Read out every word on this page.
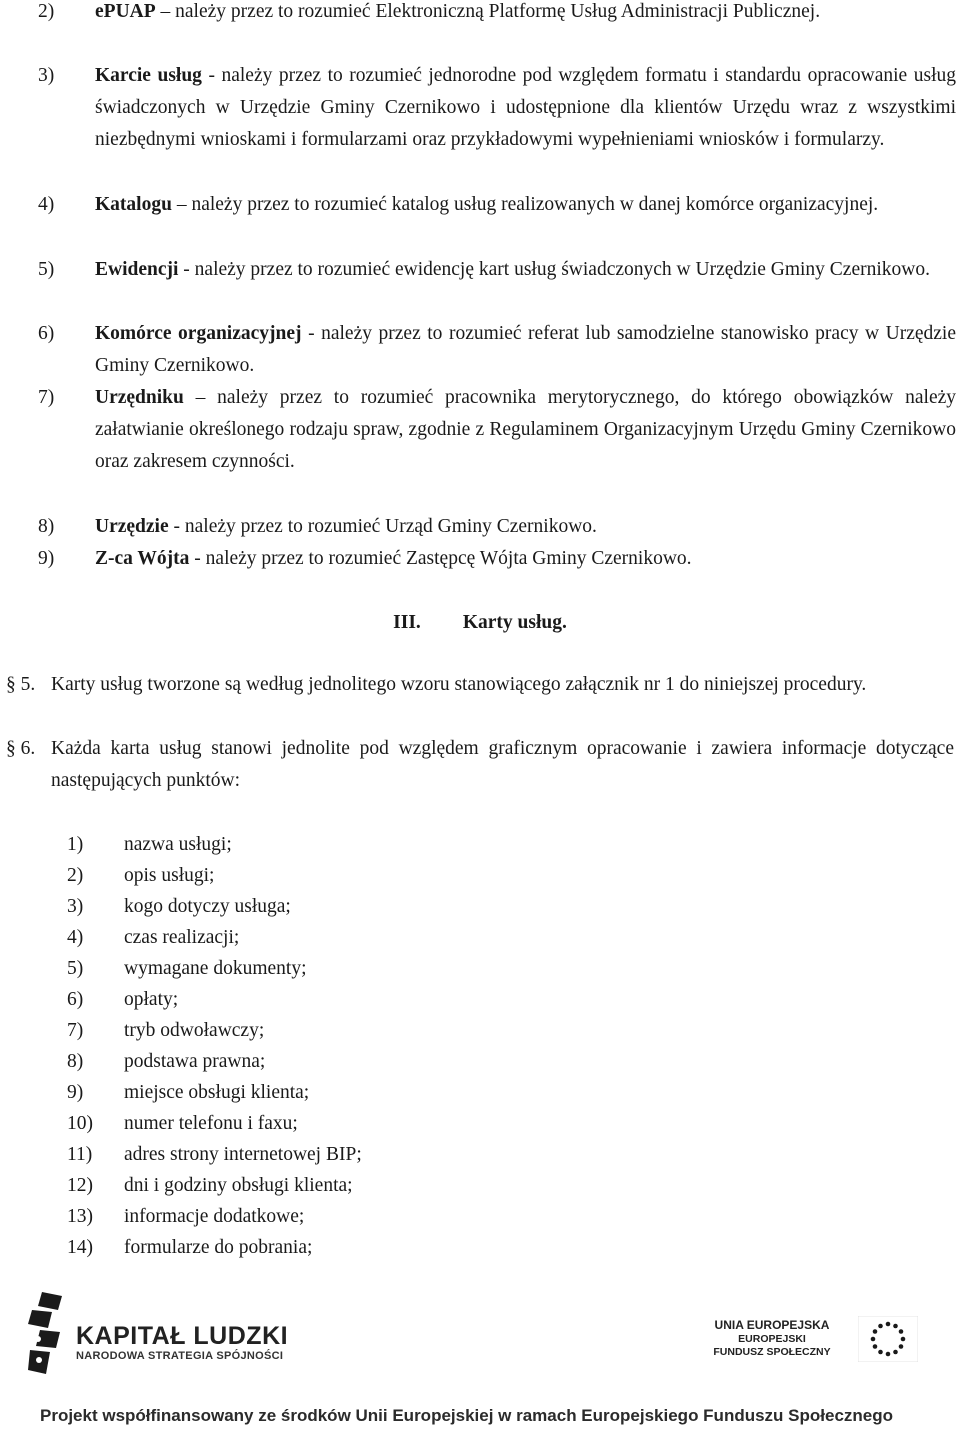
2) ePUAP – należy przez to rozumieć Elektroniczną Platformę Usług Administracji Publicznej.
3) Karcie usług - należy przez to rozumieć jednorodne pod względem formatu i standardu opracowanie usług świadczonych w Urzędzie Gminy Czernikowo i udostępnione dla klientów Urzędu wraz z wszystkimi niezbędnymi wnioskami i formularzami oraz przykładowymi wypełnieniami wniosków i formularzy.
4) Katalogu – należy przez to rozumieć katalog usług realizowanych w danej komórce organizacyjnej.
5) Ewidencji - należy przez to rozumieć ewidencję kart usług świadczonych w Urzędzie Gminy Czernikowo.
6) Komórce organizacyjnej - należy przez to rozumieć referat lub samodzielne stanowisko pracy w Urzędzie Gminy Czernikowo.
7) Urzędniku – należy przez to rozumieć pracownika merytorycznego, do którego obowiązków należy załatwianie określonego rodzaju spraw, zgodnie z Regulaminem Organizacyjnym Urzędu Gminy Czernikowo oraz zakresem czynności.
8) Urzędzie - należy przez to rozumieć Urząd Gminy Czernikowo.
9) Z-ca Wójta - należy przez to rozumieć Zastępcę Wójta Gminy Czernikowo.
III. Karty usług.
§ 5. Karty usług tworzone są według jednolitego wzoru stanowiącego załącznik nr 1 do niniejszej procedury.
§ 6. Każda karta usług stanowi jednolite pod względem graficznym opracowanie i zawiera informacje dotyczące następujących punktów:
1) nazwa usługi;
2) opis usługi;
3) kogo dotyczy usługa;
4) czas realizacji;
5) wymagane dokumenty;
6) opłaty;
7) tryb odwoławczy;
8) podstawa prawna;
9) miejsce obsługi klienta;
10) numer telefonu i faxu;
11) adres strony internetowej BIP;
12) dni i godziny obsługi klienta;
13) informacje dodatkowe;
14) formularze do pobrania;
KAPITAŁ LUDZKI
NARODOWA STRATEGIA SPÓJNOŚCI
UNIA EUROPEJSKA
EUROPEJSKI
FUNDUSZ SPOŁECZNY
Projekt współfinansowany ze środków Unii Europejskiej w ramach Europejskiego Funduszu Społecznego
